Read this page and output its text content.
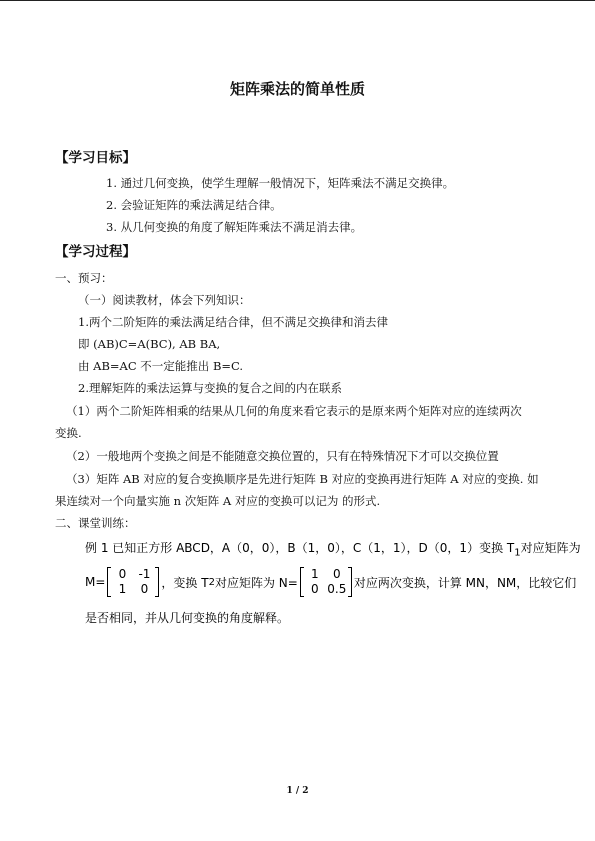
矩阵乘法的简单性质
【学习目标】
1. 通过几何变换，使学生理解一般情况下，矩阵乘法不满足交换律。
2. 会验证矩阵的乘法满足结合律。
3. 从几何变换的角度了解矩阵乘法不满足消去律。
【学习过程】
一、预习：
（一）阅读教材，体会下列知识：
1.两个二阶矩阵的乘法满足结合律，但不满足交换律和消去律
即 (AB)C=A(BC), AB BA,
由 AB=AC 不一定能推出 B=C.
2.理解矩阵的乘法运算与变换的复合之间的内在联系
（1）两个二阶矩阵相乘的结果从几何的角度来看它表示的是原来两个矩阵对应的连续两次
变换.
（2）一般地两个变换之间是不能随意交换位置的，只有在特殊情况下才可以交换位置
（3）矩阵 AB 对应的复合变换顺序是先进行矩阵 B 对应的变换再进行矩阵 A 对应的变换. 如
果连续对一个向量实施 n 次矩阵 A 对应的变换可以记为 的形式.
二、课堂训练：
例 1 已知正方形 ABCD，A（0，0），B（1，0），C（1，1），D（0，1）变换 $T_1$对应矩阵为
M=
0 -1
1 0	，变换 T 2 对应矩阵为 N=
1 0
0 0.5 对应两次变换，计算 MN，NM，比较它们
是否相同，并从几何变换的角度解释。
1 / 2
